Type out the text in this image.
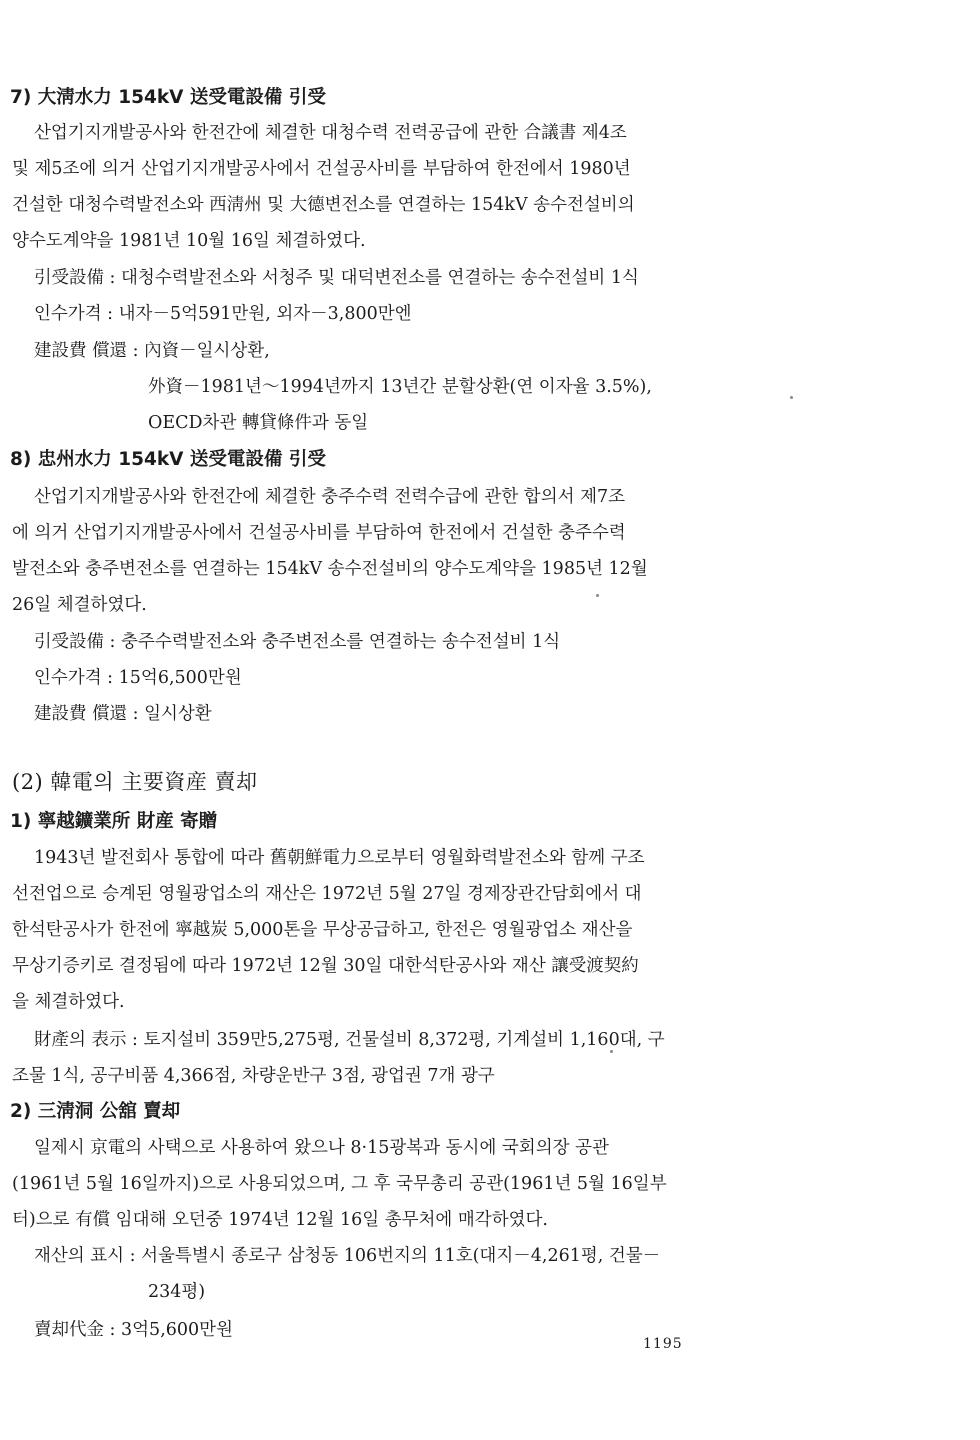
7) 大淸水力 154kV 送受電設備 引受
산업기지개발공사와 한전간에 체결한 대청수력 전력공급에 관한 合議書 제4조
및 제5조에 의거 산업기지개발공사에서 건설공사비를 부담하여 한전에서 1980년
건설한 대청수력발전소와 西淸州 및 大德변전소를 연결하는 154kV 송수전설비의
양수도계약을 1981년 10월 16일 체결하였다.
引受設備 : 대청수력발전소와 서청주 및 대덕변전소를 연결하는 송수전설비 1식
인수가격 : 내자－5억591만원, 외자－3,800만엔
建設費 償還 : 內資－일시상환,
外資－1981년～1994년까지 13년간 분할상환(연 이자율 3.5%),
OECD차관 轉貸條件과 동일
8) 忠州水力 154kV 送受電設備 引受
산업기지개발공사와 한전간에 체결한 충주수력 전력수급에 관한 합의서 제7조
에 의거 산업기지개발공사에서 건설공사비를 부담하여 한전에서 건설한 충주수력
발전소와 충주변전소를 연결하는 154kV 송수전설비의 양수도계약을 1985년 12월
26일 체결하였다.
引受設備 : 충주수력발전소와 충주변전소를 연결하는 송수전설비 1식
인수가격 : 15억6,500만원
建設費 償還 : 일시상환
(2) 韓電의 主要資産 賣却
1) 寧越鑛業所 財産 寄贈
1943년 발전회사 통합에 따라 舊朝鮮電力으로부터 영월화력발전소와 함께 구조
선전업으로 승계된 영월광업소의 재산은 1972년 5월 27일 경제장관간담회에서 대
한석탄공사가 한전에 寧越炭 5,000톤을 무상공급하고, 한전은 영월광업소 재산을
무상기증키로 결정됨에 따라 1972년 12월 30일 대한석탄공사와 재산 讓受渡契約
을 체결하였다.
財產의 表示 : 토지설비 359만5,275평, 건물설비 8,372평, 기계설비 1,160대, 구
조물 1식, 공구비품 4,366점, 차량운반구 3점, 광업권 7개 광구
2) 三淸洞 公舘 賣却
일제시 京電의 사택으로 사용하여 왔으나 8·15광복과 동시에 국회의장 공관
(1961년 5월 16일까지)으로 사용되었으며, 그 후 국무총리 공관(1961년 5월 16일부
터)으로 有償 임대해 오던중 1974년 12월 16일 총무처에 매각하였다.
재산의 표시 : 서울특별시 종로구 삼청동 106번지의 11호(대지－4,261평, 건물－
234평)
賣却代金 : 3억5,600만원
1195
